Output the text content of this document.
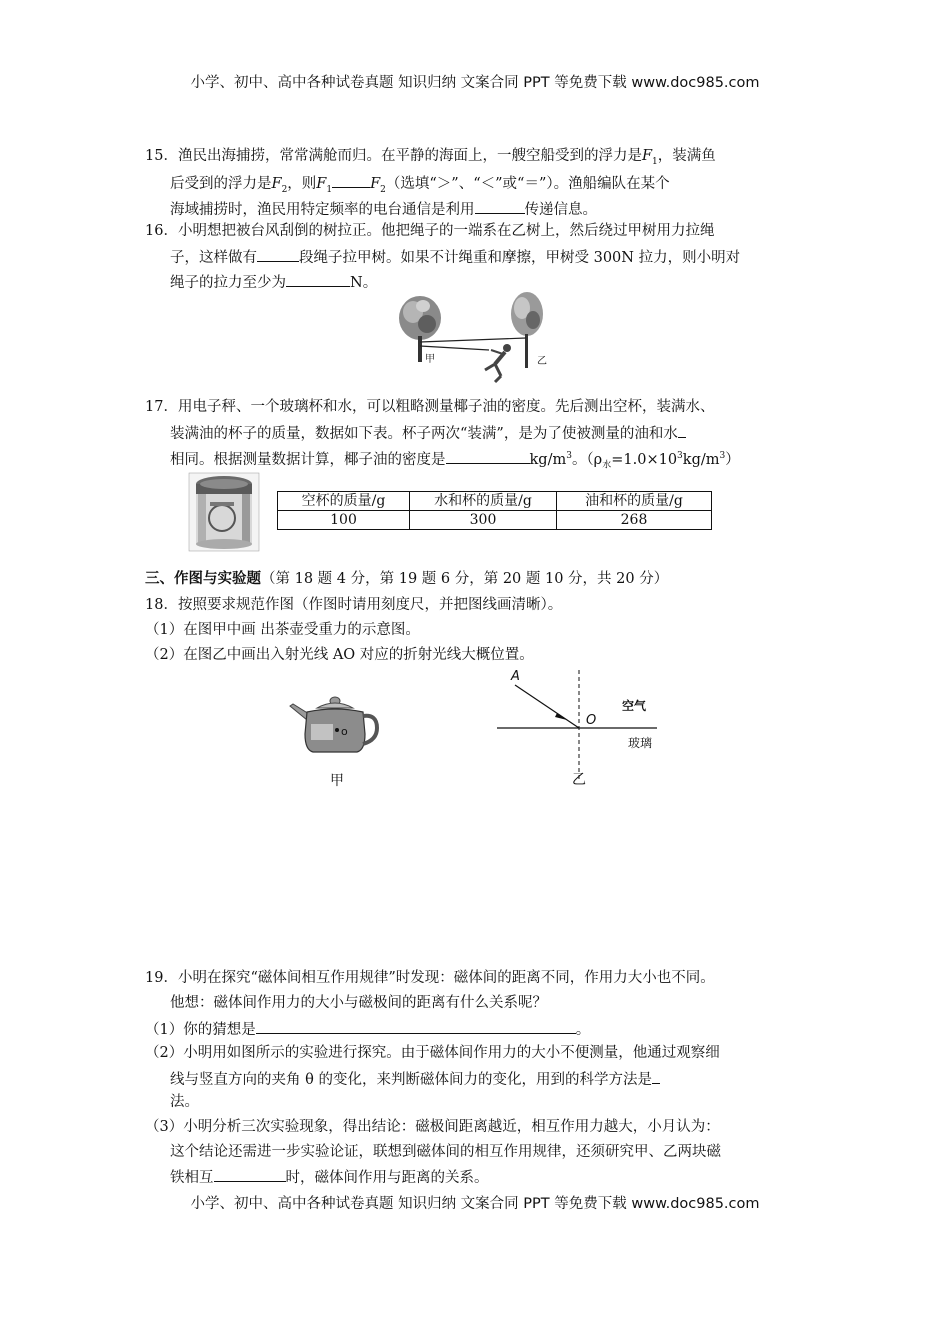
小学、初中、高中各种试卷真题 知识归纳 文案合同 PPT 等免费下载 www.doc985.com
小学、初中、高中各种试卷真题 知识归纳 文案合同 PPT 等免费下载 www.doc985.com
15．渔民出海捕捞，常常满舱而归。在平静的海面上，一艘空船受到的浮力是$F_1$，装满鱼
后受到的浮力是$F_2$，则$F_1$	$F_2$（选填“＞”、“＜”或“＝”）。渔船编队在某个
海域捕捞时，渔民用特定频率的电台通信是利用	传递信息。
16．小明想把被台风刮倒的树拉正。他把绳子的一端系在乙树上，然后绕过甲树用力拉绳
子，这样做有	段绳子拉甲树。如果不计绳重和摩擦，甲树受 300N 拉力，则小明对
绳子的拉力至少为	N。
甲	乙
17．用电子秤、一个玻璃杯和水，可以粗略测量椰子油的密度。先后测出空杯，装满水、
装满油的杯子的质量，数据如下表。杯子两次“装满”，是为了使被测量的油和水
相同。根据测量数据计算，椰子油的密度是	$kg/m^3$。$(\rho_水=1.0\times 10^3kg/m^3)$
空杯的质量/g	水和杯的质量/g	油和杯的质量/g
100	300	268
三、作图与实验题（第 18 题 4 分，第 19 题 6 分，第 20 题 10 分，共 20 分）
18．按照要求规范作图（作图时请用刻度尺，并把图线画清晰）。
（1）在图甲中画 出茶壶受重力的示意图。
（2）在图乙中画出入射光线 AO 对应的折射光线大概位置。
o
甲
A
O
空气
玻璃
乙
19．小明在探究“磁体间相互作用规律”时发现：磁体间的距离不同，作用力大小也不同。
他想：磁体间作用力的大小与磁极间的距离有什么关系呢？
（1）你的猜想是	。
（2）小明用如图所示的实验进行探究。由于磁体间作用力的大小不便测量，他通过观察细
线与竖直方向的夹角 θ 的变化，来判断磁体间力的变化，用到的科学方法是
法。
（3）小明分析三次实验现象，得出结论：磁极间距离越近，相互作用力越大，小月认为：
这个结论还需进一步实验论证，联想到磁体间的相互作用规律，还须研究甲、乙两块磁
铁相互	时，磁体间作用与距离的关系。
